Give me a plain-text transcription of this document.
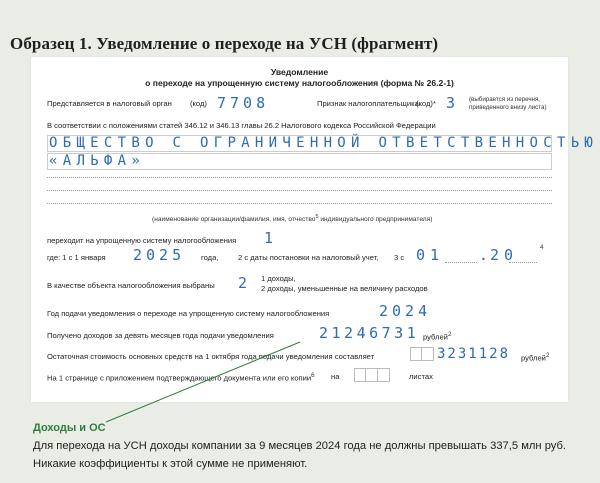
Образец 1. Уведомление о переходе на УСН (фрагмент)
Уведомление
о переходе на упрощенную систему налогообложения (форма № 26.2-1)
Представляется в налоговый орган (код) 7708	Признак налогоплательщика
(код)* 3 (выбирается из перечня,
приведенного внизу листа)
В соответствии с положениями статей 346.12 и 346.13 главы 26.2 Налогового кодекса Российской Федерации
ОБЩЕСТВО С ОГРАНИЧЕННОЙ ОТВЕТСТВЕННОСТЬЮ
«АЛЬФА»
(наименование организации/фамилия, имя, отчество$^5$ индивидуального предпринимателя)
переходит на упрощенную систему налогообложения 1
где: 1 с 1 января 2025 года,	2 с даты постановки на налоговый учет, 3 с 01 . 20	4
В качестве объекта налогообложения выбраны 2 1 доходы,
2 доходы, уменьшенные на величину расходов
Год подачи уведомления о переходе на упрощенную систему налогообложения	2024
Получено доходов за девять месяцев года подачи уведомления	21246731 рублей$^2$
Остаточная стоимость основных средств на 1 октября года подачи уведомления составляет	3231128 рублей$^2$
На 1 странице с приложением подтверждающего документа или его копии$^6$ на	листах
Доходы и ОС
Для перехода на УСН доходы компании за 9 месяцев 2024 года не должны превышать 337,5 млн руб.
Никакие коэффициенты к этой сумме не применяют.
